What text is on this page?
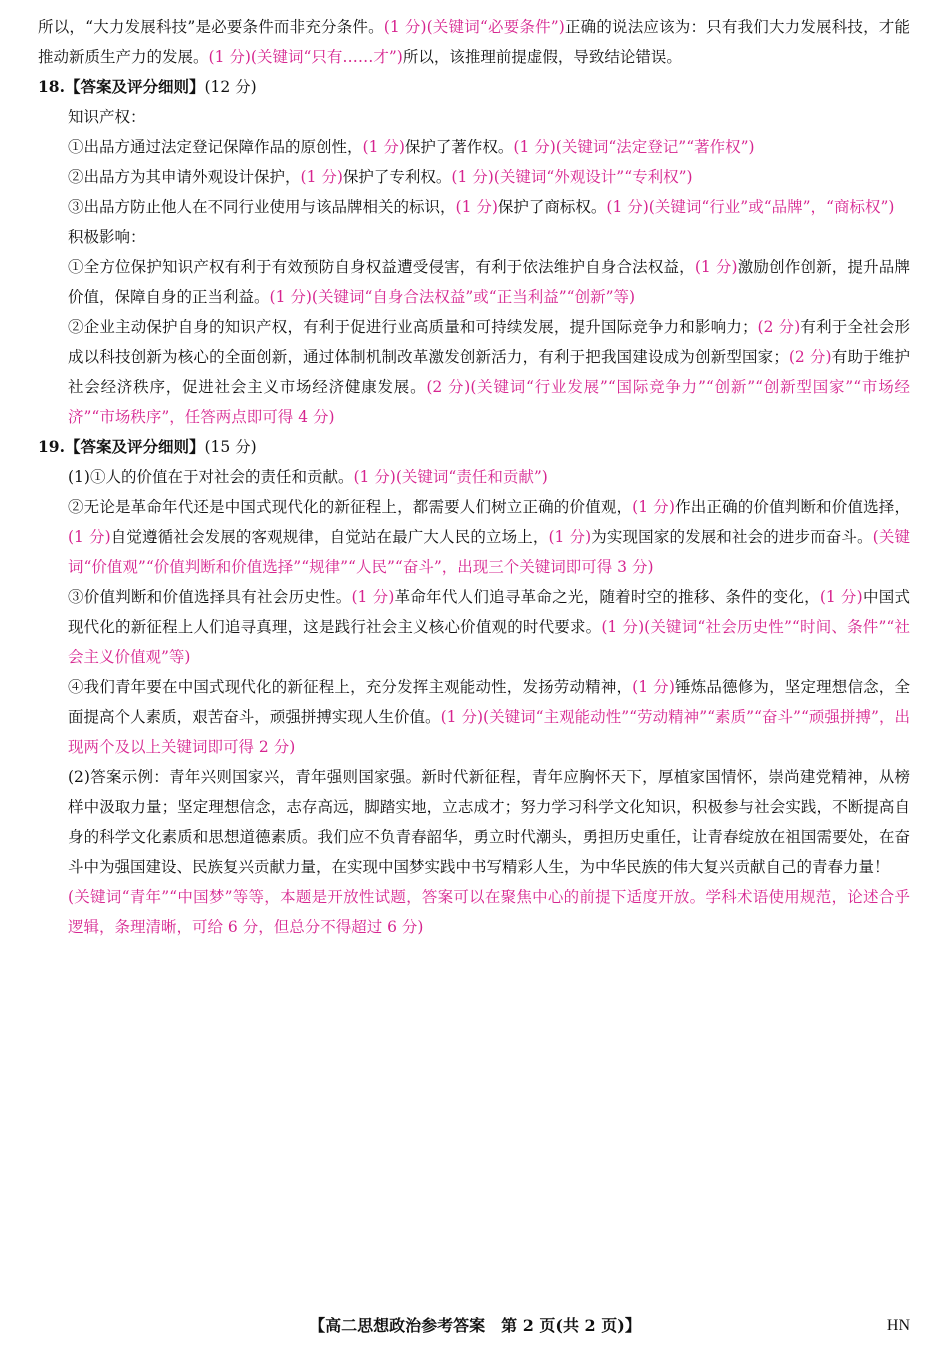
所以，“大力发展科技”是必要条件而非充分条件。(1 分)(关键词“必要条件”)正确的说法应该为：只有我们大力发展科技，才能推动新质生产力的发展。(1 分)(关键词“只有……才”)所以，该推理前提虚假，导致结论错误。

18.【答案及评分细则】(12 分)

知识产权：

①出品方通过法定登记保障作品的原创性，(1 分)保护了著作权。(1 分)(关键词“法定登记”“著作权”)

②出品方为其申请外观设计保护，(1 分)保护了专利权。(1 分)(关键词“外观设计”“专利权”)

③出品方防止他人在不同行业使用与该品牌相关的标识，(1 分)保护了商标权。(1 分)(关键词“行业”或“品牌”，“商标权”)

积极影响：

①全方位保护知识产权有利于有效预防自身权益遭受侵害，有利于依法维护自身合法权益，(1 分)激励创作创新，提升品牌价值，保障自身的正当利益。(1 分)(关键词“自身合法权益”或“正当利益”“创新”等)

②企业主动保护自身的知识产权，有利于促进行业高质量和可持续发展，提升国际竞争力和影响力；(2 分)有利于全社会形成以科技创新为核心的全面创新，通过体制机制改革激发创新活力，有利于把我国建设成为创新型国家；(2 分)有助于维护社会经济秩序，促进社会主义市场经济健康发展。(2 分)(关键词“行业发展”“国际竞争力”“创新”“创新型国家”“市场经济”“市场秩序”，任答两点即可得 4 分)

19.【答案及评分细则】(15 分)

(1)①人的价值在于对社会的责任和贡献。(1 分)(关键词“责任和贡献”)

②无论是革命年代还是中国式现代化的新征程上，都需要人们树立正确的价值观，(1 分)作出正确的价值判断和价值选择，(1 分)自觉遵循社会发展的客观规律，自觉站在最广大人民的立场上，(1 分)为实现国家的发展和社会的进步而奋斗。(关键词“价值观”“价值判断和价值选择”“规律”“人民”“奋斗”，出现三个关键词即可得 3 分)

③价值判断和价值选择具有社会历史性。(1 分)革命年代人们追寻革命之光，随着时空的推移、条件的变化，(1 分)中国式现代化的新征程上人们追寻真理，这是践行社会主义核心价值观的时代要求。(1 分)(关键词“社会历史性”“时间、条件”“社会主义价值观”等)

④我们青年要在中国式现代化的新征程上，充分发挥主观能动性，发扬劳动精神，(1 分)锤炼品德修为，坚定理想信念，全面提高个人素质，艰苦奋斗，顽强拼搏实现人生价值。(1 分)(关键词“主观能动性”“劳动精神”“素质”“奋斗”“顽强拼搏”，出现两个及以上关键词即可得 2 分)

(2)答案示例：青年兴则国家兴，青年强则国家强。新时代新征程，青年应胸怀天下，厚植家国情怀，崇尚建党精神，从榜样中汲取力量；坚定理想信念，志存高远，脚踏实地，立志成才；努力学习科学文化知识，积极参与社会实践，不断提高自身的科学文化素质和思想道德素质。我们应不负青春韶华，勇立时代潮头，勇担历史重任，让青春绽放在祖国需要处，在奋斗中为强国建设、民族复兴贡献力量，在实现中国梦实践中书写精彩人生，为中华民族的伟大复兴贡献自己的青春力量！

(关键词“青年”“中国梦”等等，本题是开放性试题，答案可以在聚焦中心的前提下适度开放。学科术语使用规范，论述合乎逻辑，条理清晰，可给 6 分，但总分不得超过 6 分)

【高二思想政治参考答案　第 2 页(共 2 页)】	HN
